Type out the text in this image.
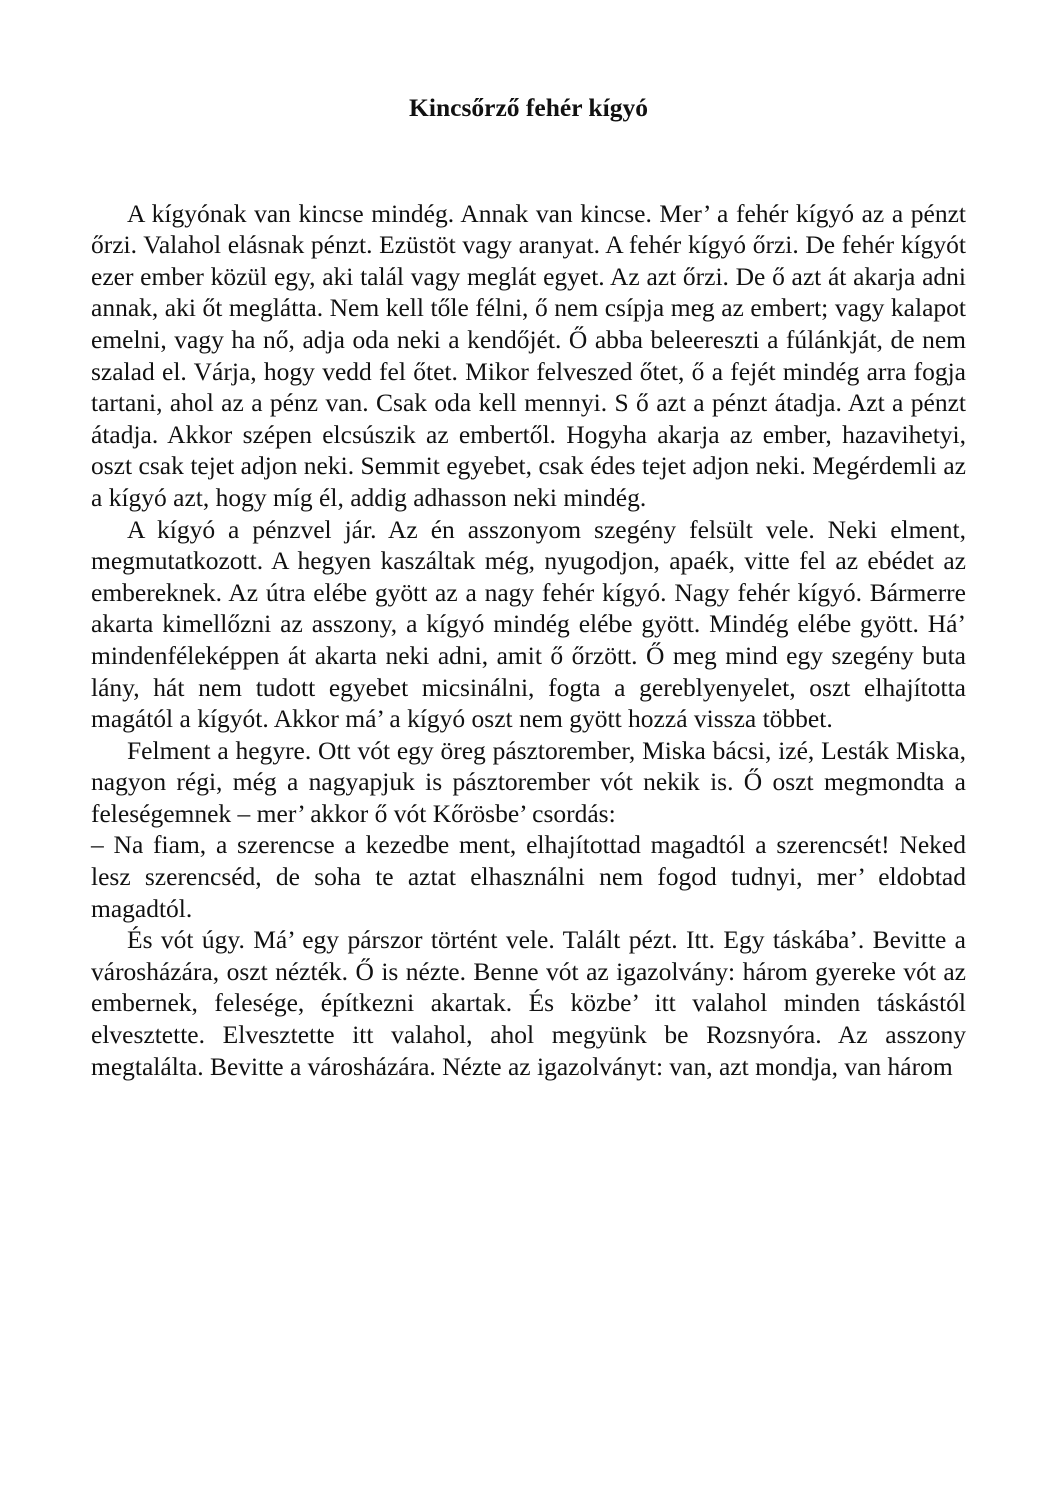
Kincsőrző fehér kígyó

A kígyónak van kincse mindég. Annak van kincse. Mer’ a fehér kígyó az a pénzt őrzi. Valahol elásnak pénzt. Ezüstöt vagy aranyat. A fehér kígyó őrzi. De fehér kígyót ezer ember közül egy, aki talál vagy meglát egyet. Az azt őrzi. De ő azt át akarja adni annak, aki őt meglátta. Nem kell tőle félni, ő nem csípja meg az embert; vagy kalapot emelni, vagy ha nő, adja oda neki a kendőjét. Ő abba beleereszti a fúlánkját, de nem szalad el. Várja, hogy vedd fel őtet. Mikor felveszed őtet, ő a fejét mindég arra fogja tartani, ahol az a pénz van. Csak oda kell mennyi. S ő azt a pénzt átadja. Azt a pénzt átadja. Akkor szépen elcsúszik az embertől. Hogyha akarja az ember, hazavihetyi, oszt csak tejet adjon neki. Semmit egyebet, csak édes tejet adjon neki. Megérdemli az a kígyó azt, hogy míg él, addig adhasson neki mindég.

A kígyó a pénzvel jár. Az én asszonyom szegény felsült vele. Neki elment, megmutatkozott. A hegyen kaszáltak még, nyugodjon, apaék, vitte fel az ebédet az embereknek. Az útra elébe gyött az a nagy fehér kígyó. Nagy fehér kígyó. Bármerre akarta kimellőzni az asszony, a kígyó mindég elébe gyött. Mindég elébe gyött. Há’ mindenféleképpen át akarta neki adni, amit ő őrzött. Ő meg mind egy szegény buta lány, hát nem tudott egyebet micsinálni, fogta a gereblyenyelet, oszt elhajította magától a kígyót. Akkor má’ a kígyó oszt nem gyött hozzá vissza többet.

Felment a hegyre. Ott vót egy öreg pásztorember, Miska bácsi, izé, Lesták Miska, nagyon régi, még a nagyapjuk is pásztorember vót nekik is. Ő oszt megmondta a feleségemnek – mer’ akkor ő vót Kőrösbe’ csordás:

– Na fiam, a szerencse a kezedbe ment, elhajítottad magadtól a szerencsét! Neked lesz szerencséd, de soha te aztat elhasználni nem fogod tudnyi, mer’ eldobtad magadtól.

És vót úgy. Má’ egy párszor történt vele. Talált pézt. Itt. Egy táskába’. Bevitte a városházára, oszt nézték. Ő is nézte. Benne vót az igazolvány: három gyereke vót az embernek, felesége, építkezni akartak. És közbe’ itt valahol minden táskástól elvesztette. Elvesztette itt valahol, ahol megyünk be Rozsnyóra. Az asszony megtalálta. Bevitte a városházára. Nézte az igazolványt: van, azt mondja, van három
